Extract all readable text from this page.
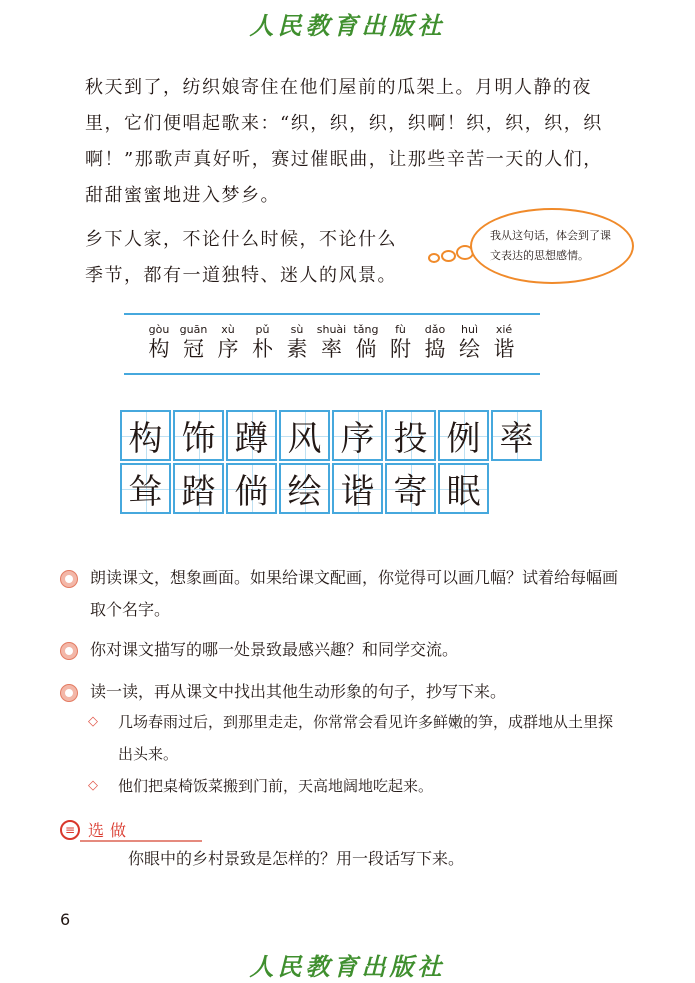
人民教育出版社
秋天到了，纺织娘寄住在他们屋前的瓜架上。月明人静的夜里，它们便唱起歌来：“织，织，织，织啊！织，织，织，织啊！”那歌声真好听，赛过催眠曲，让那些辛苦一天的人们，甜甜蜜蜜地进入梦乡。
乡下人家，不论什么时候，不论什么季节，都有一道独特、迷人的风景。
我从这句话，体会到了课文表达的思想感情。
gòu
构
guān
冠
xù
序
pǔ
朴
sù
素
shuài
率
tǎng
倘
fù
附
dǎo
捣
huì
绘
xié
谐
构 饰 蹲 风 序 投 例 率
耸 踏 倘 绘 谐 寄 眠
朗读课文，想象画面。如果给课文配画，你觉得可以画几幅？试着给每幅画取个名字。
你对课文描写的哪一处景致最感兴趣？和同学交流。
读一读，再从课文中找出其他生动形象的句子，抄写下来。
◇ 几场春雨过后，到那里走走，你常常会看见许多鲜嫩的笋，成群地从土里探出头来。
◇ 他们把桌椅饭菜搬到门前，天高地阔地吃起来。
≡ 选做
你眼中的乡村景致是怎样的？用一段话写下来。
6
人民教育出版社
